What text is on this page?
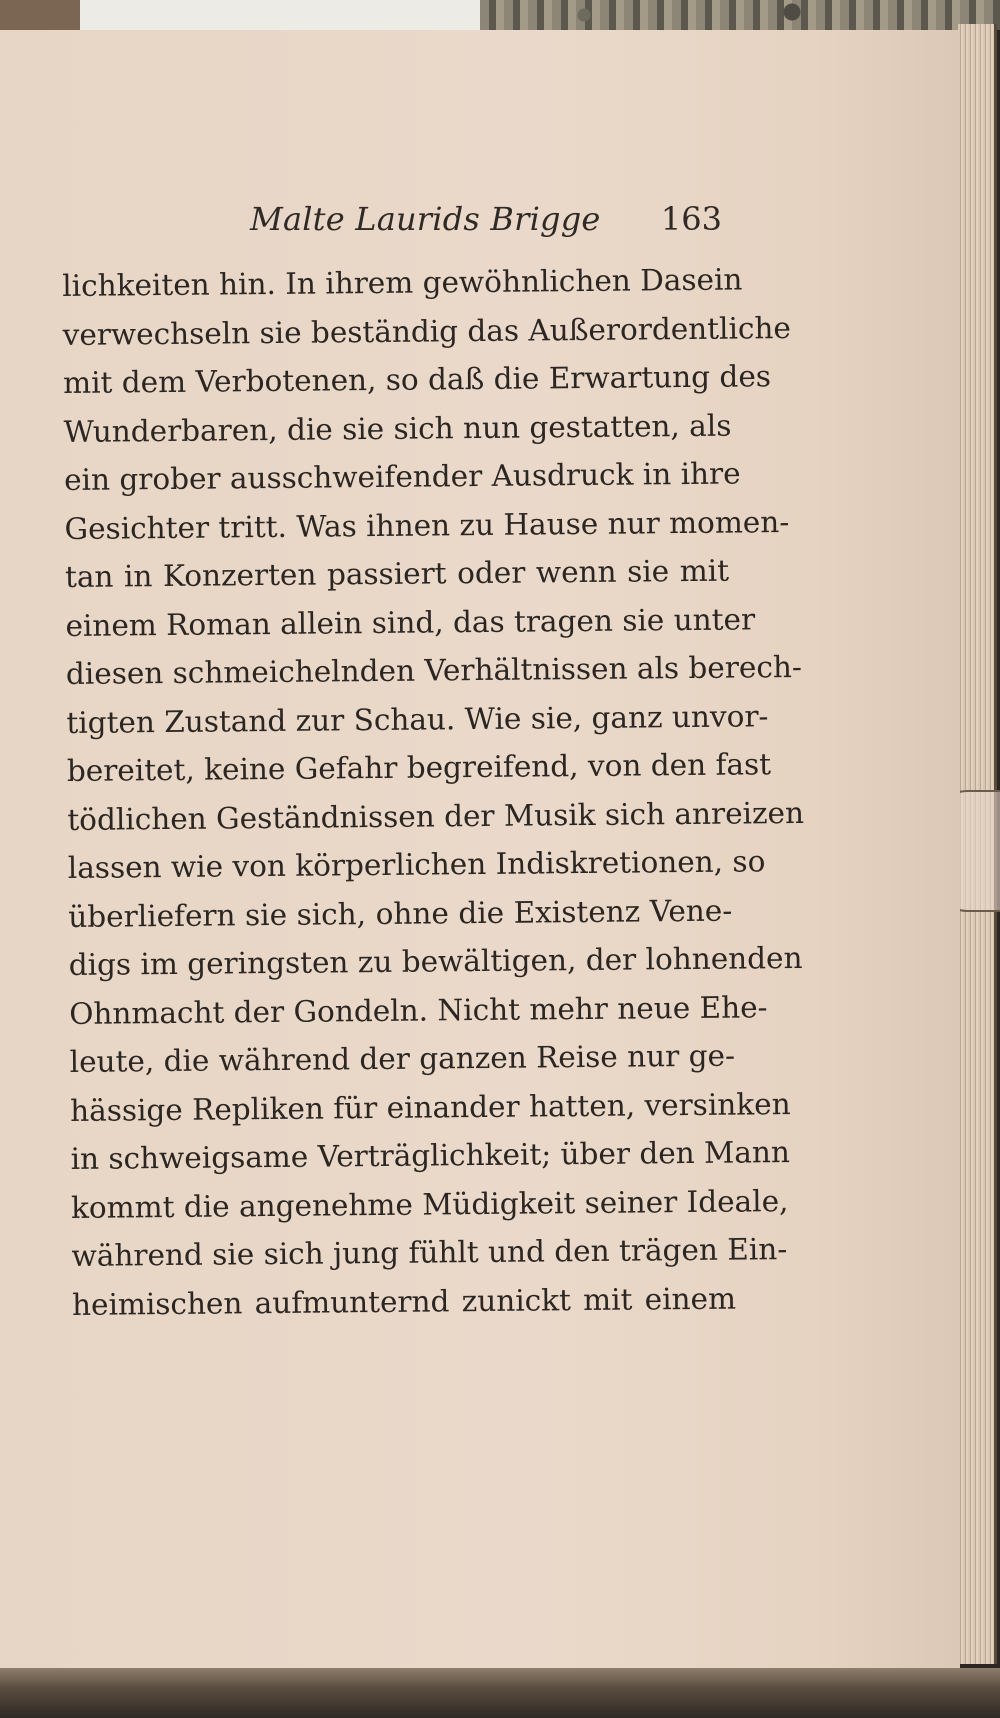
Malte Laurids Brigge 163
lichkeiten hin. In ihrem gewöhnlichen Dasein
verwechseln sie beständig das Außerordentliche
mit dem Verbotenen, so daß die Erwartung des
Wunderbaren, die sie sich nun gestatten, als
ein grober ausschweifender Ausdruck in ihre
Gesichter tritt. Was ihnen zu Hause nur momen-
tan in Konzerten passiert oder wenn sie mit
einem Roman allein sind, das tragen sie unter
diesen schmeichelnden Verhältnissen als berech-
tigten Zustand zur Schau. Wie sie, ganz unvor-
bereitet, keine Gefahr begreifend, von den fast
tödlichen Geständnissen der Musik sich anreizen
lassen wie von körperlichen Indiskretionen, so
überliefern sie sich, ohne die Existenz Vene-
digs im geringsten zu bewältigen, der lohnenden
Ohnmacht der Gondeln. Nicht mehr neue Ehe-
leute, die während der ganzen Reise nur ge-
hässige Repliken für einander hatten, versinken
in schweigsame Verträglichkeit; über den Mann
kommt die angenehme Müdigkeit seiner Ideale,
während sie sich jung fühlt und den trägen Ein-
heimischen aufmunternd zunickt mit einem
